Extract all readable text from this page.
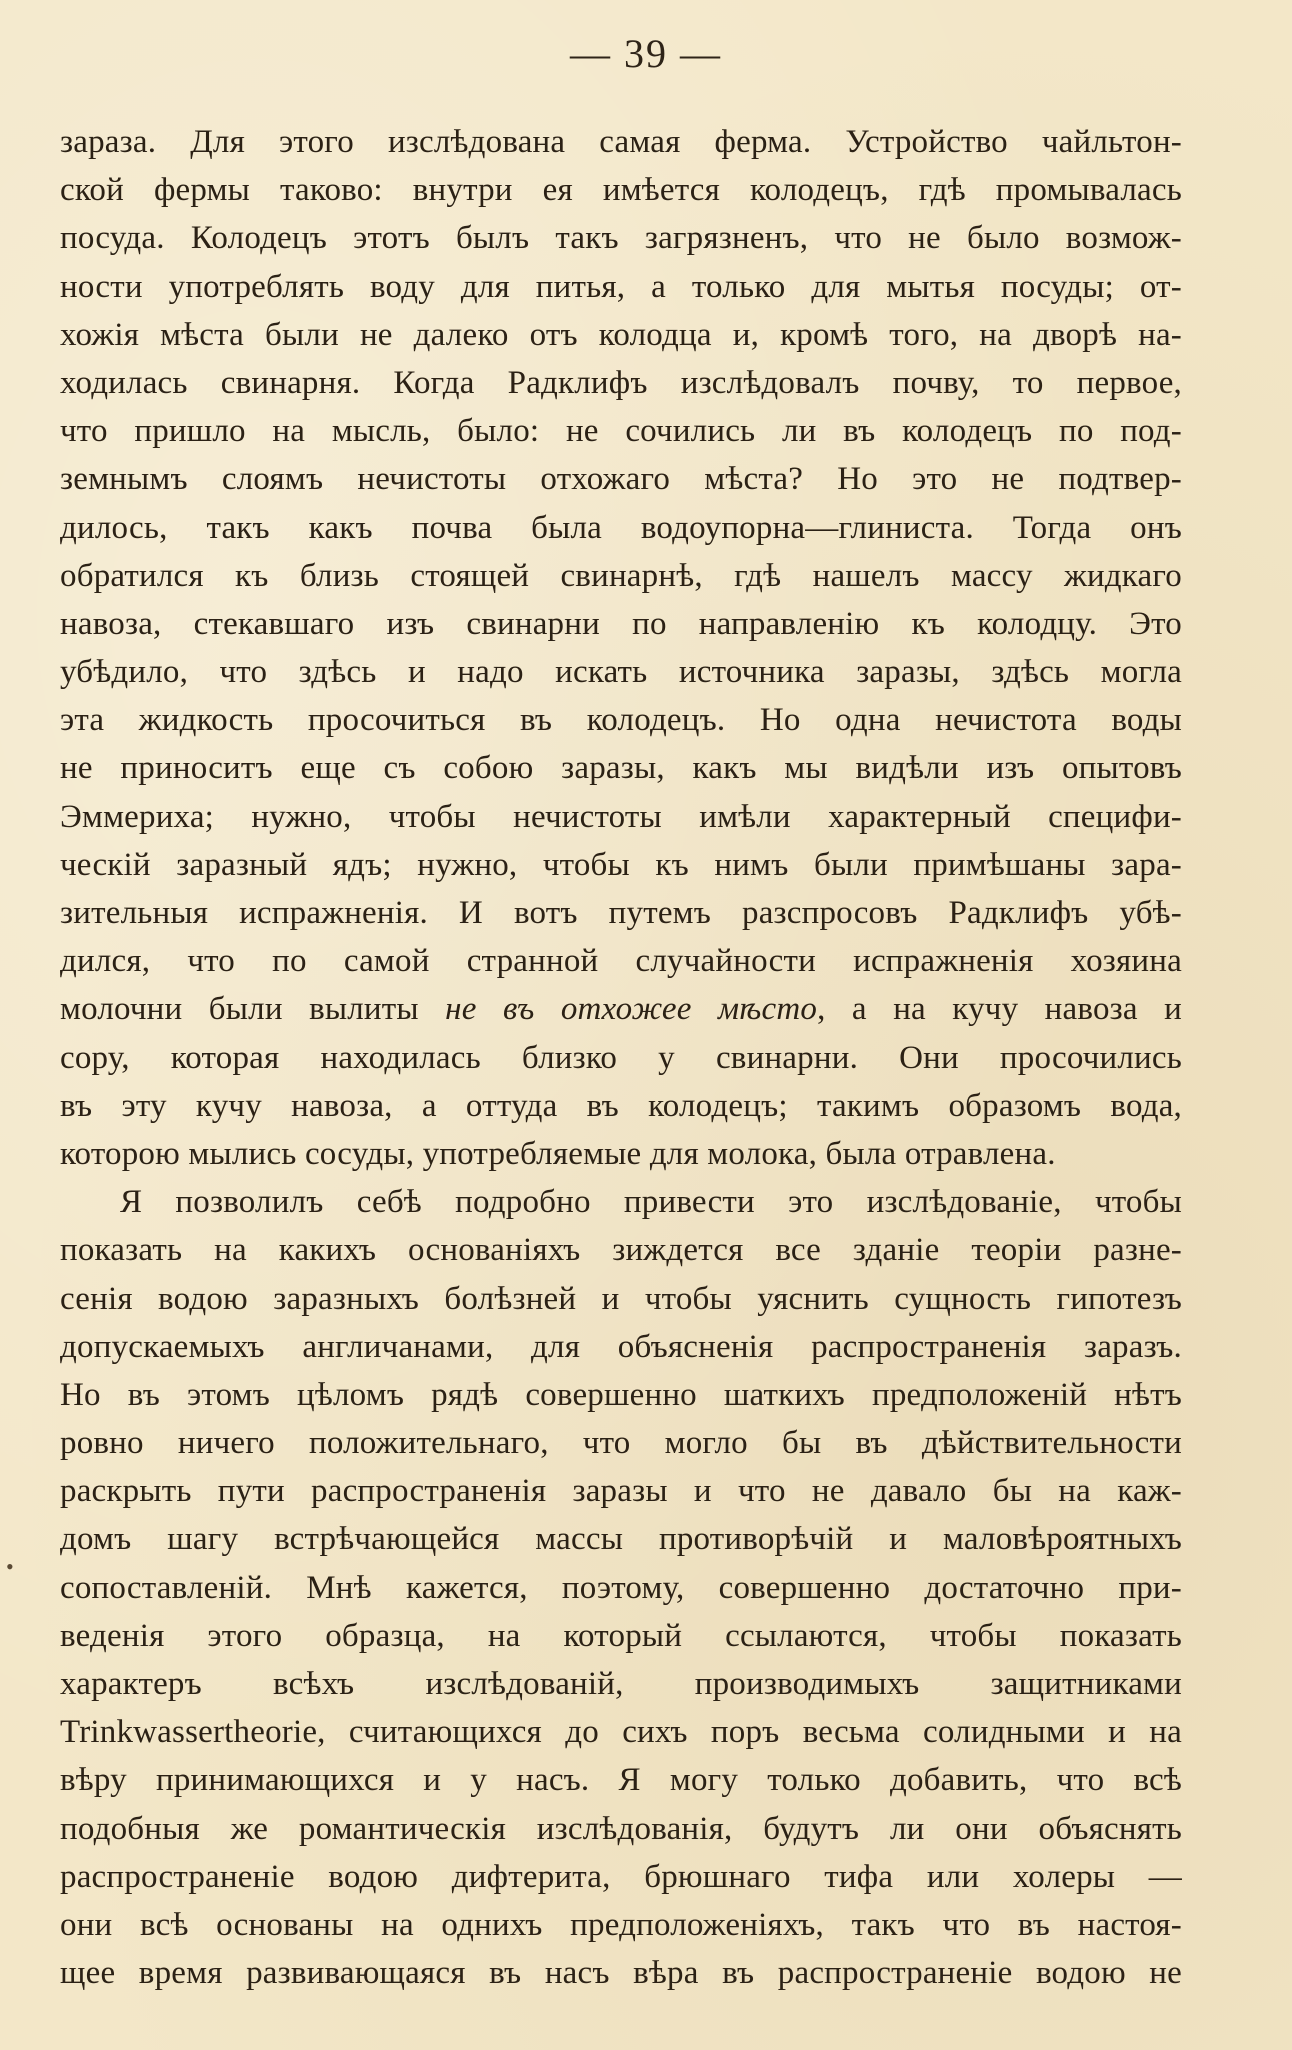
— 39 —
зараза. Для этого изслѣдована самая ферма. Устройство чайльтон-
ской фермы таково: внутри ея имѣется колодецъ, гдѣ промывалась
посуда. Колодецъ этотъ былъ такъ загрязненъ, что не было возмож-
ности употреблять воду для питья, а только для мытья посуды; от-
хожія мѣста были не далеко отъ колодца и, кромѣ того, на дворѣ на-
ходилась свинарня. Когда Радклифъ изслѣдовалъ почву, то первое,
что пришло на мысль, было: не сочились ли въ колодецъ по под-
земнымъ слоямъ нечистоты отхожаго мѣста? Но это не подтвер-
дилось, такъ какъ почва была водоупорна—глиниста. Тогда онъ
обратился къ близь стоящей свинарнѣ, гдѣ нашелъ массу жидкаго
навоза, стекавшаго изъ свинарни по направленію къ колодцу. Это
убѣдило, что здѣсь и надо искать источника заразы, здѣсь могла
эта жидкость просочиться въ колодецъ. Но одна нечистота воды
не приноситъ еще съ собою заразы, какъ мы видѣли изъ опытовъ
Эммериха; нужно, чтобы нечистоты имѣли характерный специфи-
ческій заразный ядъ; нужно, чтобы къ нимъ были примѣшаны зара-
зительныя испражненія. И вотъ путемъ разспросовъ Радклифъ убѣ-
дился, что по самой странной случайности испражненія хозяина
молочни были вылиты не въ отхожее мѣсто, а на кучу навоза и
сору, которая находилась близко у свинарни. Они просочились
въ эту кучу навоза, а оттуда въ колодецъ; такимъ образомъ вода,
которою мылись сосуды, употребляемые для молока, была отравлена.
Я позволилъ себѣ подробно привести это изслѣдованіе, чтобы
показать на какихъ основаніяхъ зиждется все зданіе теоріи разне-
сенія водою заразныхъ болѣзней и чтобы уяснить сущность гипотезъ
допускаемыхъ англичанами, для объясненія распространенія заразъ.
Но въ этомъ цѣломъ рядѣ совершенно шаткихъ предположеній нѣтъ
ровно ничего положительнаго, что могло бы въ дѣйствительности
раскрыть пути распространенія заразы и что не давало бы на каж-
домъ шагу встрѣчающейся массы противорѣчій и маловѣроятныхъ
сопоставленій. Мнѣ кажется, поэтому, совершенно достаточно при-
веденія этого образца, на который ссылаются, чтобы показать
характеръ всѣхъ изслѣдованій, производимыхъ защитниками
Trinkwassertheorie, считающихся до сихъ поръ весьма солидными и на
вѣру принимающихся и у насъ. Я могу только добавить, что всѣ
подобныя же романтическія изслѣдованія, будутъ ли они объяснять
распространеніе водою дифтерита, брюшнаго тифа или холеры —
они всѣ основаны на однихъ предположеніяхъ, такъ что въ настоя-
щее время развивающаяся въ насъ вѣра въ распространеніе водою не
•
